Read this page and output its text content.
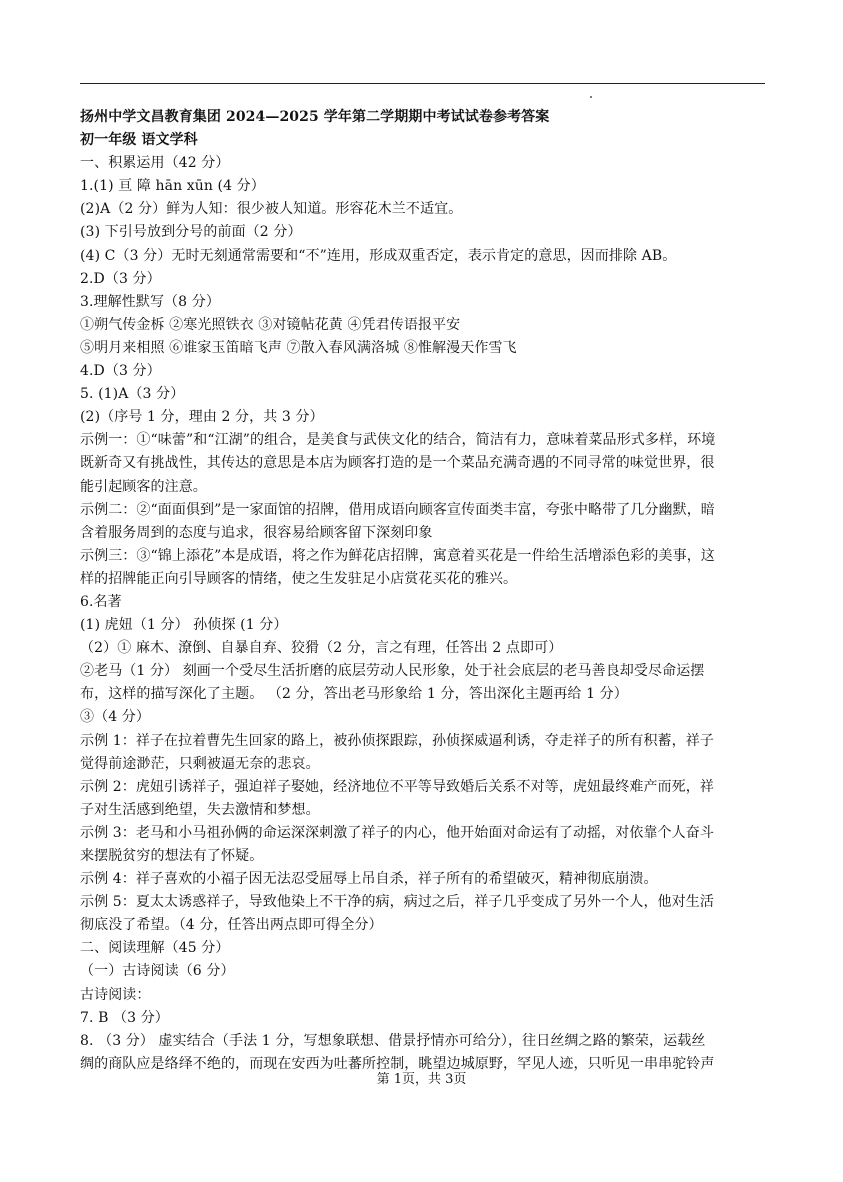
扬州中学文昌教育集团 2024—2025 学年第二学期期中考试试卷参考答案
初一年级 语文学科
一、积累运用（42 分）
1.(1) 亘 障 hān xūn (4 分）
(2)A（2 分）鲜为人知：很少被人知道。形容花木兰不适宜。
(3) 下引号放到分号的前面（2 分）
(4) C（3 分）无时无刻通常需要和“不”连用，形成双重否定，表示肯定的意思，因而排除 AB。
2.D（3 分）
3.理解性默写（8 分）
①朔气传金柝 ②寒光照铁衣 ③对镜帖花黄 ④凭君传语报平安
⑤明月来相照 ⑥谁家玉笛暗飞声 ⑦散入春风满洛城 ⑧惟解漫天作雪飞
4.D（3 分）
5. (1)A（3 分）
(2)（序号 1 分，理由 2 分，共 3 分）
示例一：①“味蕾”和“江湖”的组合，是美食与武侠文化的结合，简洁有力，意味着菜品形式多样，环境
既新奇又有挑战性，其传达的意思是本店为顾客打造的是一个菜品充满奇遇的不同寻常的味觉世界，很
能引起顾客的注意。
示例二：②“面面俱到”是一家面馆的招牌，借用成语向顾客宣传面类丰富，夸张中略带了几分幽默，暗
含着服务周到的态度与追求，很容易给顾客留下深刻印象
示例三：③“锦上添花”本是成语，将之作为鲜花店招牌，寓意着买花是一件给生活增添色彩的美事，这
样的招牌能正向引导顾客的情绪，使之生发驻足小店赏花买花的雅兴。
6.名著
(1) 虎妞（1 分） 孙侦探 (1 分）
（2）① 麻木、潦倒、自暴自弃、狡猾（2 分，言之有理，任答出 2 点即可）
②老马（1 分） 刻画一个受尽生活折磨的底层劳动人民形象，处于社会底层的老马善良却受尽命运摆
布，这样的描写深化了主题。 （2 分，答出老马形象给 1 分，答出深化主题再给 1 分）
③（4 分）
示例 1：祥子在拉着曹先生回家的路上，被孙侦探跟踪，孙侦探威逼利诱，夺走祥子的所有积蓄，祥子
觉得前途渺茫，只剩被逼无奈的悲哀。
示例 2：虎妞引诱祥子，强迫祥子娶她，经济地位不平等导致婚后关系不对等，虎妞最终难产而死，祥
子对生活感到绝望，失去激情和梦想。
示例 3：老马和小马祖孙俩的命运深深刺激了祥子的内心，他开始面对命运有了动摇，对依靠个人奋斗
来摆脱贫穷的想法有了怀疑。
示例 4：祥子喜欢的小福子因无法忍受屈辱上吊自杀，祥子所有的希望破灭，精神彻底崩溃。
示例 5：夏太太诱惑祥子，导致他染上不干净的病，病过之后，祥子几乎变成了另外一个人，他对生活
彻底没了希望。（4 分，任答出两点即可得全分）
二、阅读理解（45 分）
（一）古诗阅读（6 分）
古诗阅读：
7. B （3 分）
8. （3 分） 虚实结合（手法 1 分，写想象联想、借景抒情亦可给分），往日丝绸之路的繁荣，运载丝
绸的商队应是络绎不绝的，而现在安西为吐蕃所控制，眺望边城原野，罕见人迹，只听见一串串驼铃声
第 1页，共 3页
